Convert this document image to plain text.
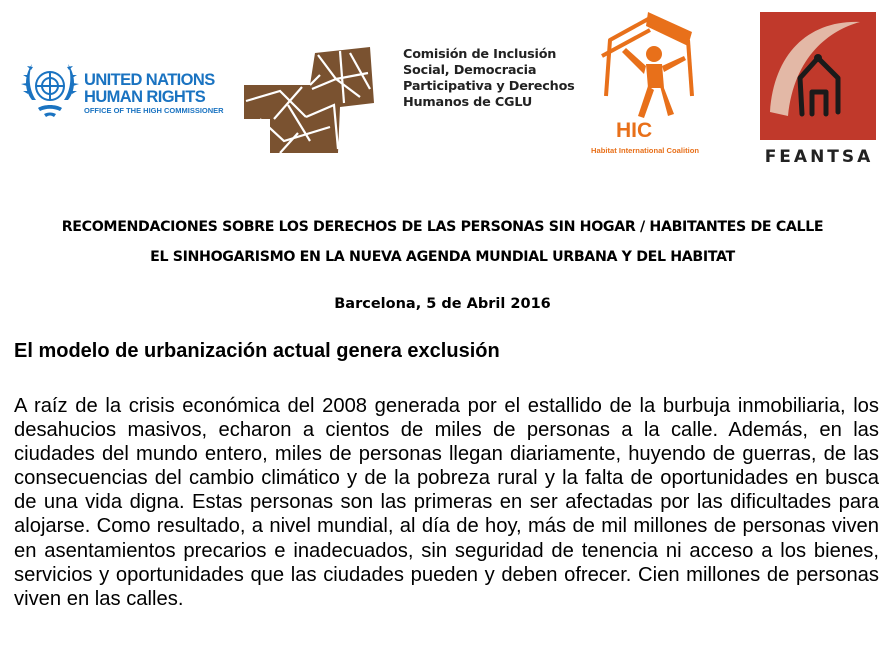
UNITED NATIONS
HUMAN RIGHTS
OFFICE OF THE HIGH COMMISSIONER
Comisión de Inclusión
Social, Democracia
Participativa y Derechos
Humanos de CGLU
HIC
Habitat International Coalition	FEANTSA
RECOMENDACIONES SOBRE LOS DERECHOS DE LAS PERSONAS SIN HOGAR / HABITANTES DE CALLE
EL SINHOGARISMO EN LA NUEVA AGENDA MUNDIAL URBANA Y DEL HABITAT
Barcelona, 5 de Abril 2016
El modelo de urbanización actual genera exclusión
A raíz de la crisis económica del 2008 generada por el estallido de la burbuja inmobiliaria, los desahucios masivos, echaron a cientos de miles de personas a la calle. Además, en las ciudades del mundo entero, miles de personas llegan diariamente, huyendo de guerras, de las consecuencias del cambio climático y de la pobreza rural y la falta de oportunidades en busca de una vida digna. Estas personas son las primeras en ser afectadas por las dificultades para alojarse. Como resultado, a nivel mundial, al día de hoy, más de mil millones de personas viven en asentamientos precarios e inadecuados, sin seguridad de tenencia ni acceso a los bienes, servicios y oportunidades que las ciudades pueden y deben ofrecer. Cien millones de personas viven en las calles.
